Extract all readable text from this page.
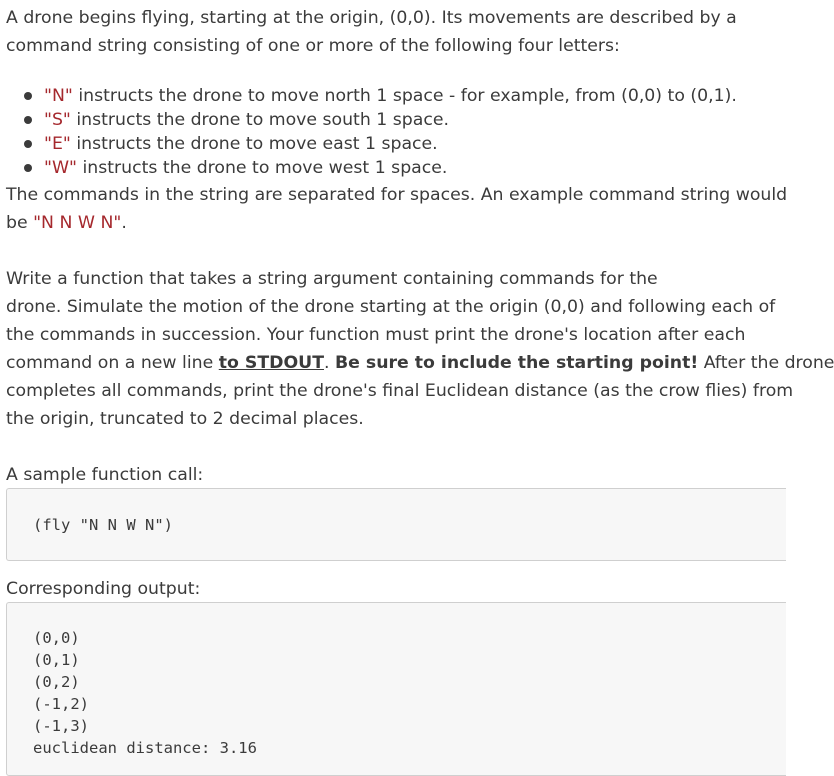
A drone begins flying, starting at the origin, (0,0). Its movements are described by a
command string consisting of one or more of the following four letters:

"N" instructs the drone to move north 1 space - for example, from (0,0) to (0,1).
"S" instructs the drone to move south 1 space.
"E" instructs the drone to move east 1 space.
"W" instructs the drone to move west 1 space.

The commands in the string are separated for spaces. An example command string would
be "N N W N".

Write a function that takes a string argument containing commands for the
drone. Simulate the motion of the drone starting at the origin (0,0) and following each of
the commands in succession. Your function must print the drone's location after each
command on a new line to STDOUT. Be sure to include the starting point! After the drone
completes all commands, print the drone's final Euclidean distance (as the crow flies) from
the origin, truncated to 2 decimal places.

A sample function call:

(fly "N N W N")

Corresponding output:

(0,0)
(0,1)
(0,2)
(-1,2)
(-1,3)
euclidean distance: 3.16
